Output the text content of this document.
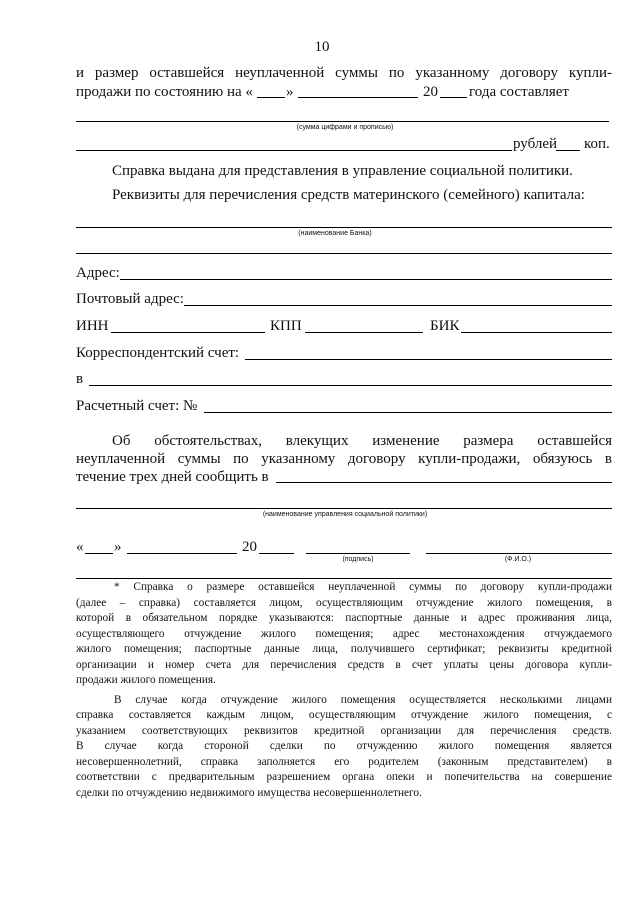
10
и размер оставшейся неуплаченной суммы по указанному договору купли-
продажи по состоянию на « »	20 года составляет
(сумма цифрами и прописью)
рублей коп.
Справка выдана для представления в управление социальной политики.
Реквизиты для перечисления средств материнского (семейного) капитала:
(наименование Банка)
Адрес:
Почтовый адрес:
ИНН	КПП	БИК
Корреспондентский счет:
в
Расчетный счет: №
Об обстоятельствах, влекущих изменение размера оставшейся
неуплаченной суммы по указанному договору купли-продажи, обязуюсь в
течение трех дней сообщить в
(наименование управления социальной политики)
« »	20
(подпись)	(Ф.И.О.)

* Справка о размере оставшейся неуплаченной суммы по договору купли-продажи

(далее – справка) составляется лицом, осуществляющим отчуждение жилого помещения, в

которой в обязательном порядке указываются: паспортные данные и адрес проживания лица,

осуществляющего отчуждение жилого помещения; адрес местонахождения отчуждаемого

жилого помещения; паспортные данные лица, получившего сертификат; реквизиты кредитной

организации и номер счета для перечисления средств в счет уплаты цены договора купли-

продажи жилого помещения.

В случае когда отчуждение жилого помещения осуществляется несколькими лицами

справка составляется каждым лицом, осуществляющим отчуждение жилого помещения, с

указанием соответствующих реквизитов кредитной организации для перечисления средств.

В случае когда стороной сделки по отчуждению жилого помещения является

несовершеннолетний, справка заполняется его родителем (законным представителем) в

соответствии с предварительным разрешением органа опеки и попечительства на совершение

сделки по отчуждению недвижимого имущества несовершеннолетнего.
